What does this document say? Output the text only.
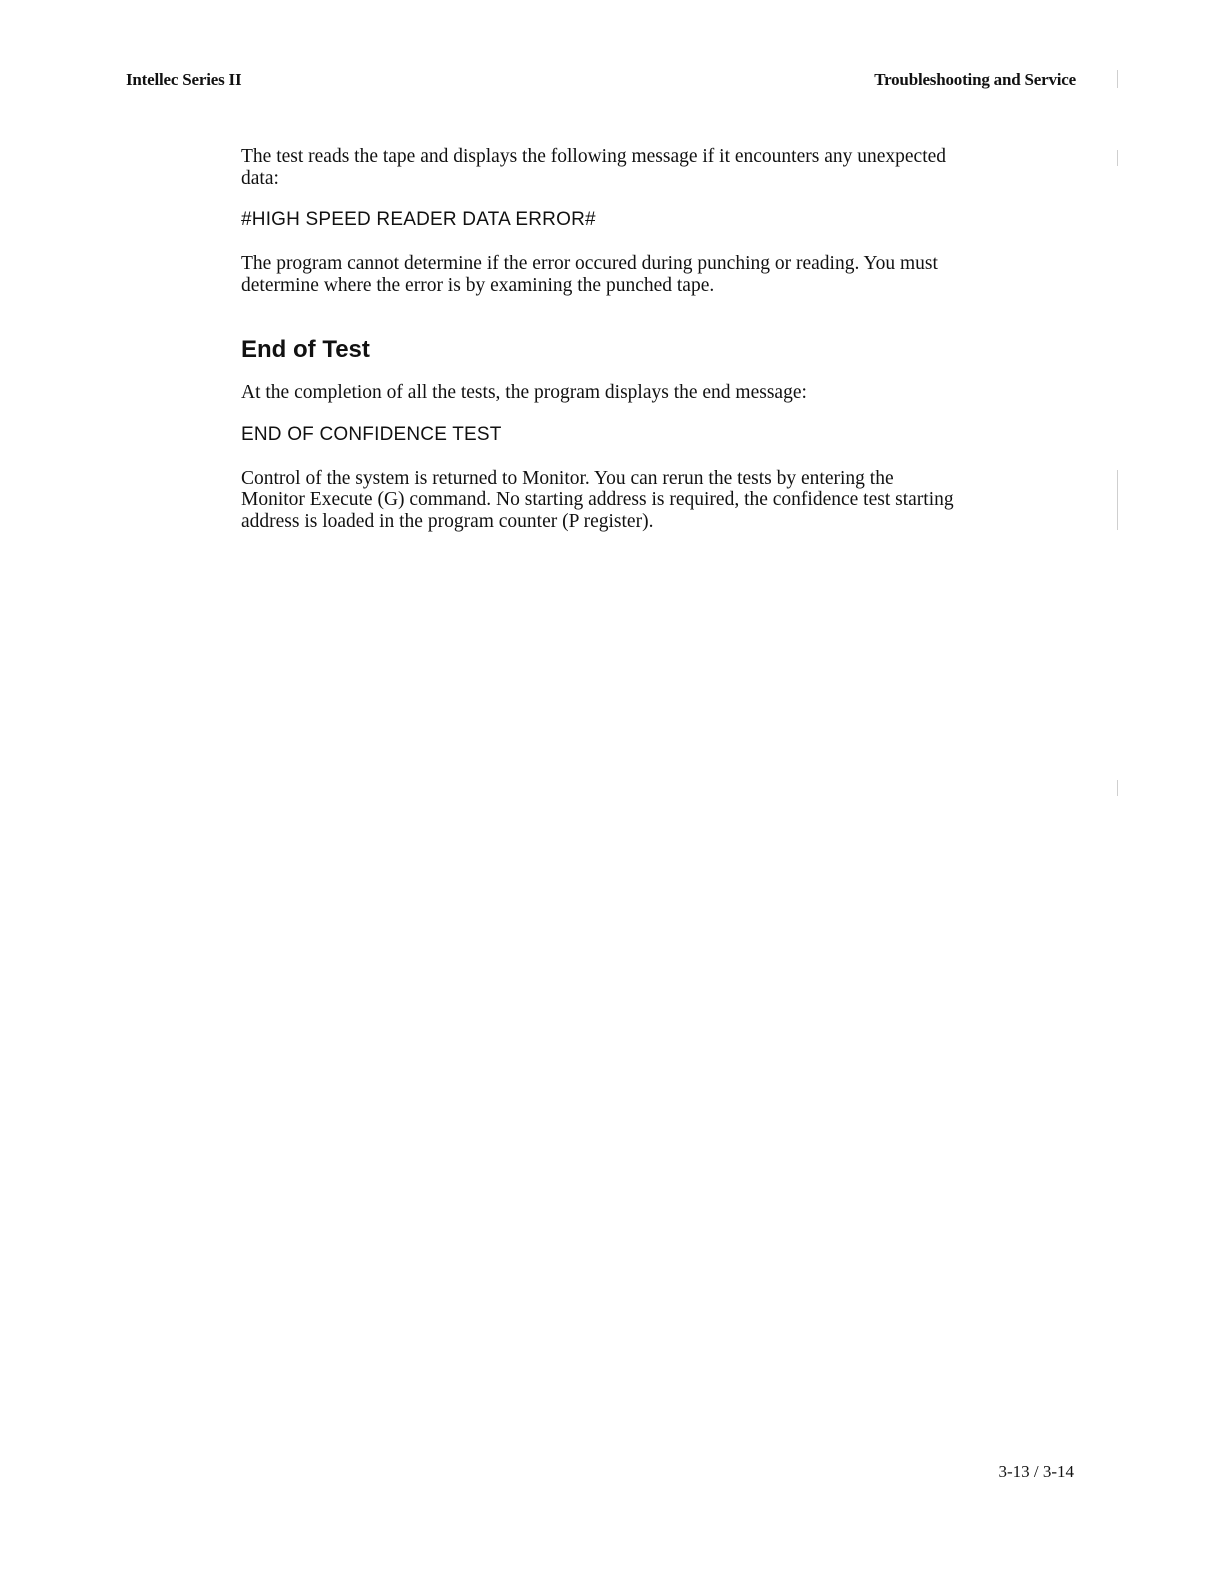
Intellec Series II	Troubleshooting and Service

The test reads the tape and displays the following message if it encounters any unexpected data:

#HIGH SPEED READER DATA ERROR#

The program cannot determine if the error occured during punching or reading. You must determine where the error is by examining the punched tape.

End of Test

At the completion of all the tests, the program displays the end message:

END OF CONFIDENCE TEST

Control of the system is returned to Monitor. You can rerun the tests by entering the Monitor Execute (G) command. No starting address is required, the confidence test starting address is loaded in the program counter (P register).

3-13 / 3-14
